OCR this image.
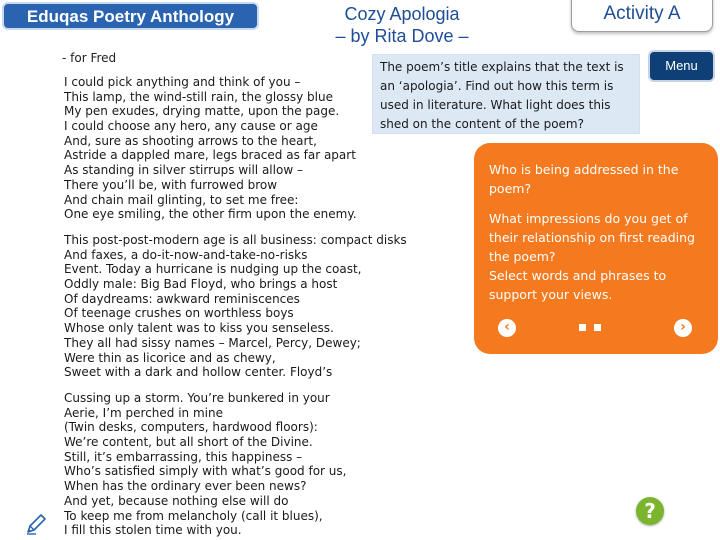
Eduqas Poetry Anthology	Cozy Apologia
– by Rita Dove –
Activity A
- for Fred
I could pick anything and think of you –
This lamp, the wind-still rain, the glossy blue
My pen exudes, drying matte, upon the page.
I could choose any hero, any cause or age
And, sure as shooting arrows to the heart,
Astride a dappled mare, legs braced as far apart
As standing in silver stirrups will allow –
There you’ll be, with furrowed brow
And chain mail glinting, to set me free:
One eye smiling, the other firm upon the enemy.
This post-post-modern age is all business: compact disks
And faxes, a do-it-now-and-take-no-risks
Event. Today a hurricane is nudging up the coast,
Oddly male: Big Bad Floyd, who brings a host
Of daydreams: awkward reminiscences
Of teenage crushes on worthless boys
Whose only talent was to kiss you senseless.
They all had sissy names – Marcel, Percy, Dewey;
Were thin as licorice and as chewy,
Sweet with a dark and hollow center. Floyd’s
Cussing up a storm. You’re bunkered in your
Aerie, I’m perched in mine
(Twin desks, computers, hardwood floors):
We’re content, but all short of the Divine.
Still, it’s embarrassing, this happiness –
Who’s satisfied simply with what’s good for us,
When has the ordinary ever been news?
And yet, because nothing else will do
To keep me from melancholy (call it blues),
I fill this stolen time with you.
The poem’s title explains that the text is an ‘apologia’. Find out how this term is used in literature. What light does this shed on the content of the poem?
Menu
Who is being addressed in the poem?
What impressions do you get of their relationship on first reading the poem?
Select words and phrases to support your views.
‹	›
?
